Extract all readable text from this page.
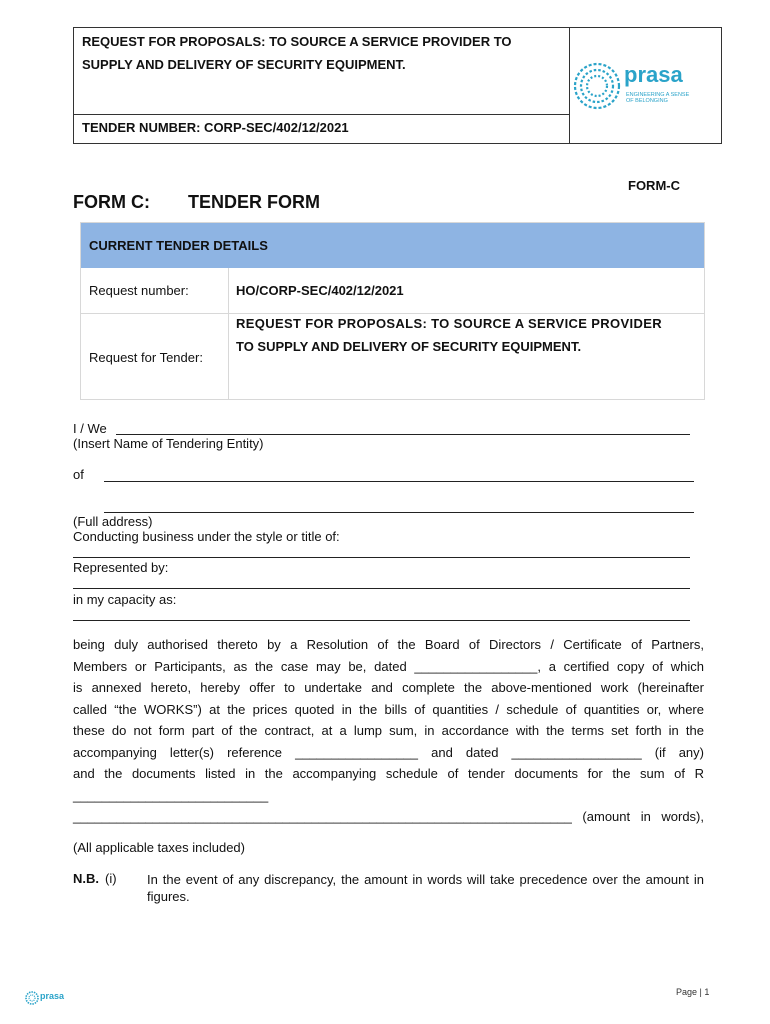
REQUEST FOR PROPOSALS: TO SOURCE A SERVICE PROVIDER TO
SUPPLY AND DELIVERY OF SECURITY EQUIPMENT.
TENDER NUMBER: CORP-SEC/402/12/2021
prasa
ENGINEERING A SENSE OF BELONGING
FORM-C
FORM C: TENDER FORM
CURRENT TENDER DETAILS
Request number:	HO/CORP-SEC/402/12/2021
Request for Tender:
REQUEST FOR PROPOSALS: TO SOURCE A SERVICE PROVIDER
TO SUPPLY AND DELIVERY OF SECURITY EQUIPMENT.
I / We
(Insert Name of Tendering Entity)
of
(Full address)
Conducting business under the style or title of:
Represented by:
in my capacity as:
being duly authorised thereto by a Resolution of the Board of Directors / Certificate of Partners,
Members or Participants, as the case may be, dated _________________, a certified copy of which
is annexed hereto, hereby offer to undertake and complete the above-mentioned work (hereinafter
called “the WORKS”) at the prices quoted in the bills of quantities / schedule of quantities or, where
these do not form part of the contract, at a lump sum, in accordance with the terms set forth in the
accompanying letter(s) reference _________________ and dated __________________ (if any)
and the documents listed in the accompanying schedule of tender documents for the sum of R
___________________________
_____________________________________________________________________ (amount in words),
(All applicable taxes included)
N.B. (i) In the event of any discrepancy, the amount in words will take precedence over the amount in figures.
prasa	Page | 1
